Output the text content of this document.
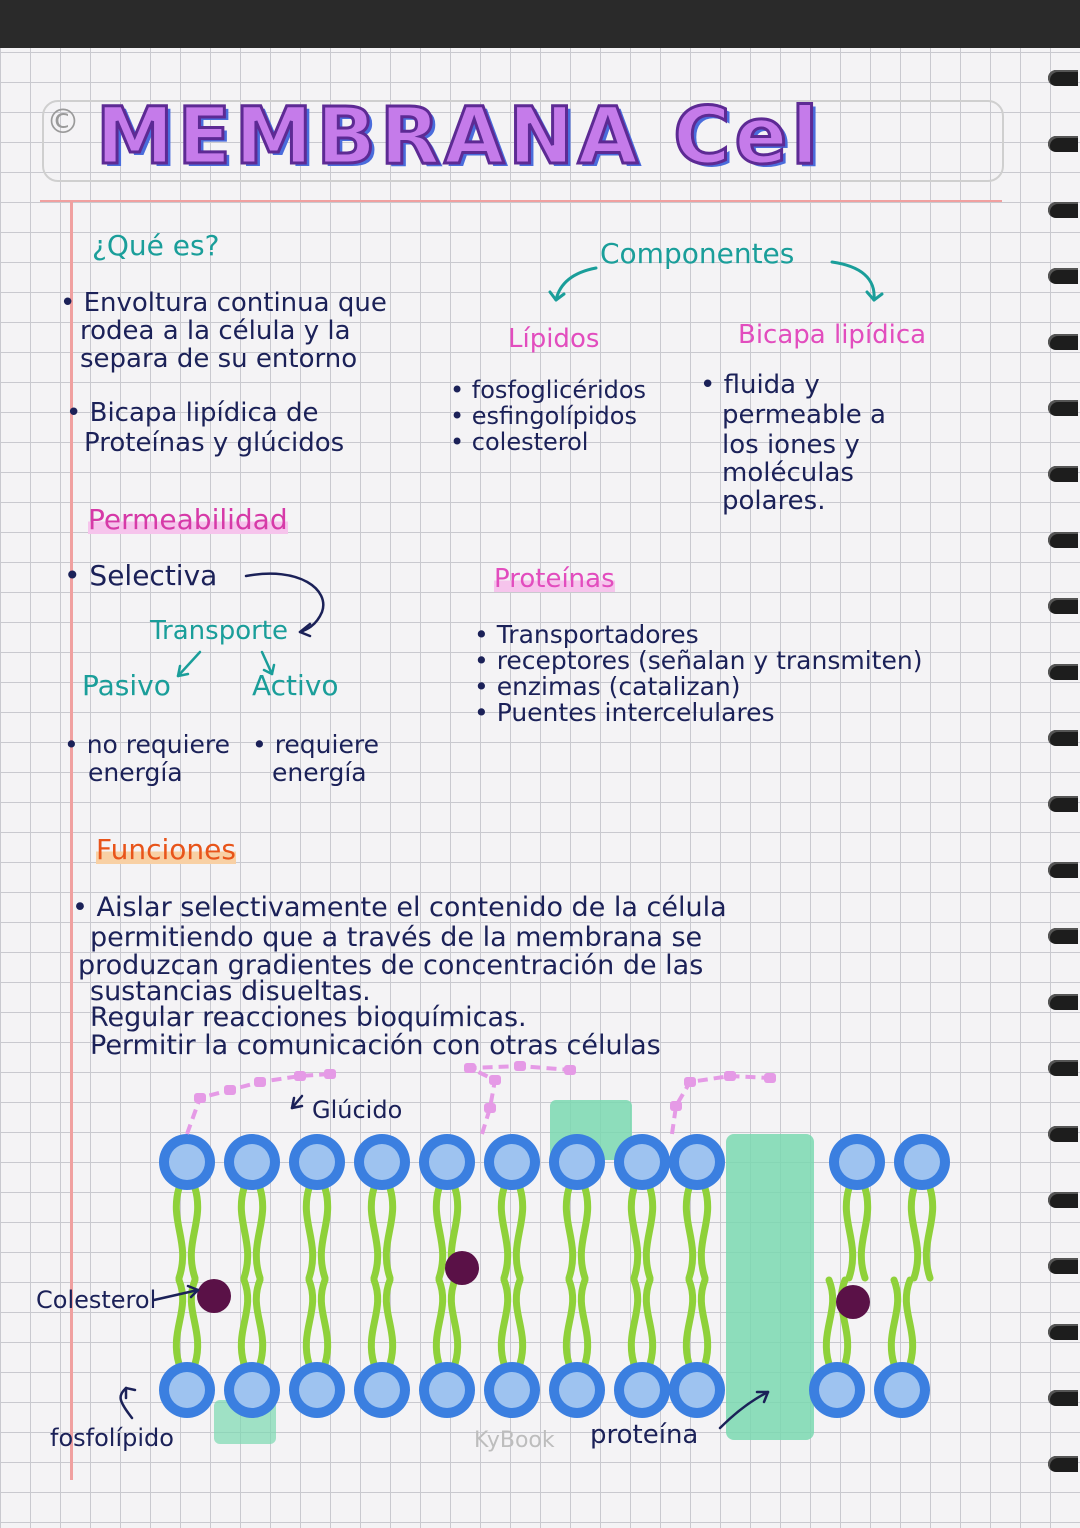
© MEMBRANA Cel
¿Qué es?
• Envoltura continua que
rodea a la célula y la
separa de su entorno
• Bicapa lipídica de
Proteínas y glúcidos
Permeabilidad
• Selectiva
Transporte
Pasivo	Activo
• no requiere
energía
• requiere
energía
Componentes
Lípidos
• fosfoglicéridos
• esfingolípidos
• colesterol
Bicapa lipídica
• fluida y
permeable a
los iones y
moléculas
polares.
Proteínas
• Transportadores
• receptores (señalan y transmiten)
• enzimas (catalizan)
• Puentes intercelulares
Funciones
• Aislar selectivamente el contenido de la célula
permitiendo que a través de la membrana se
produzcan gradientes de concentración de las
sustancias disueltas.
Regular reacciones bioquímicas.
Permitir la comunicación con otras células
Glúcido
Colesterol
fosfolípido	proteína
KyBook
